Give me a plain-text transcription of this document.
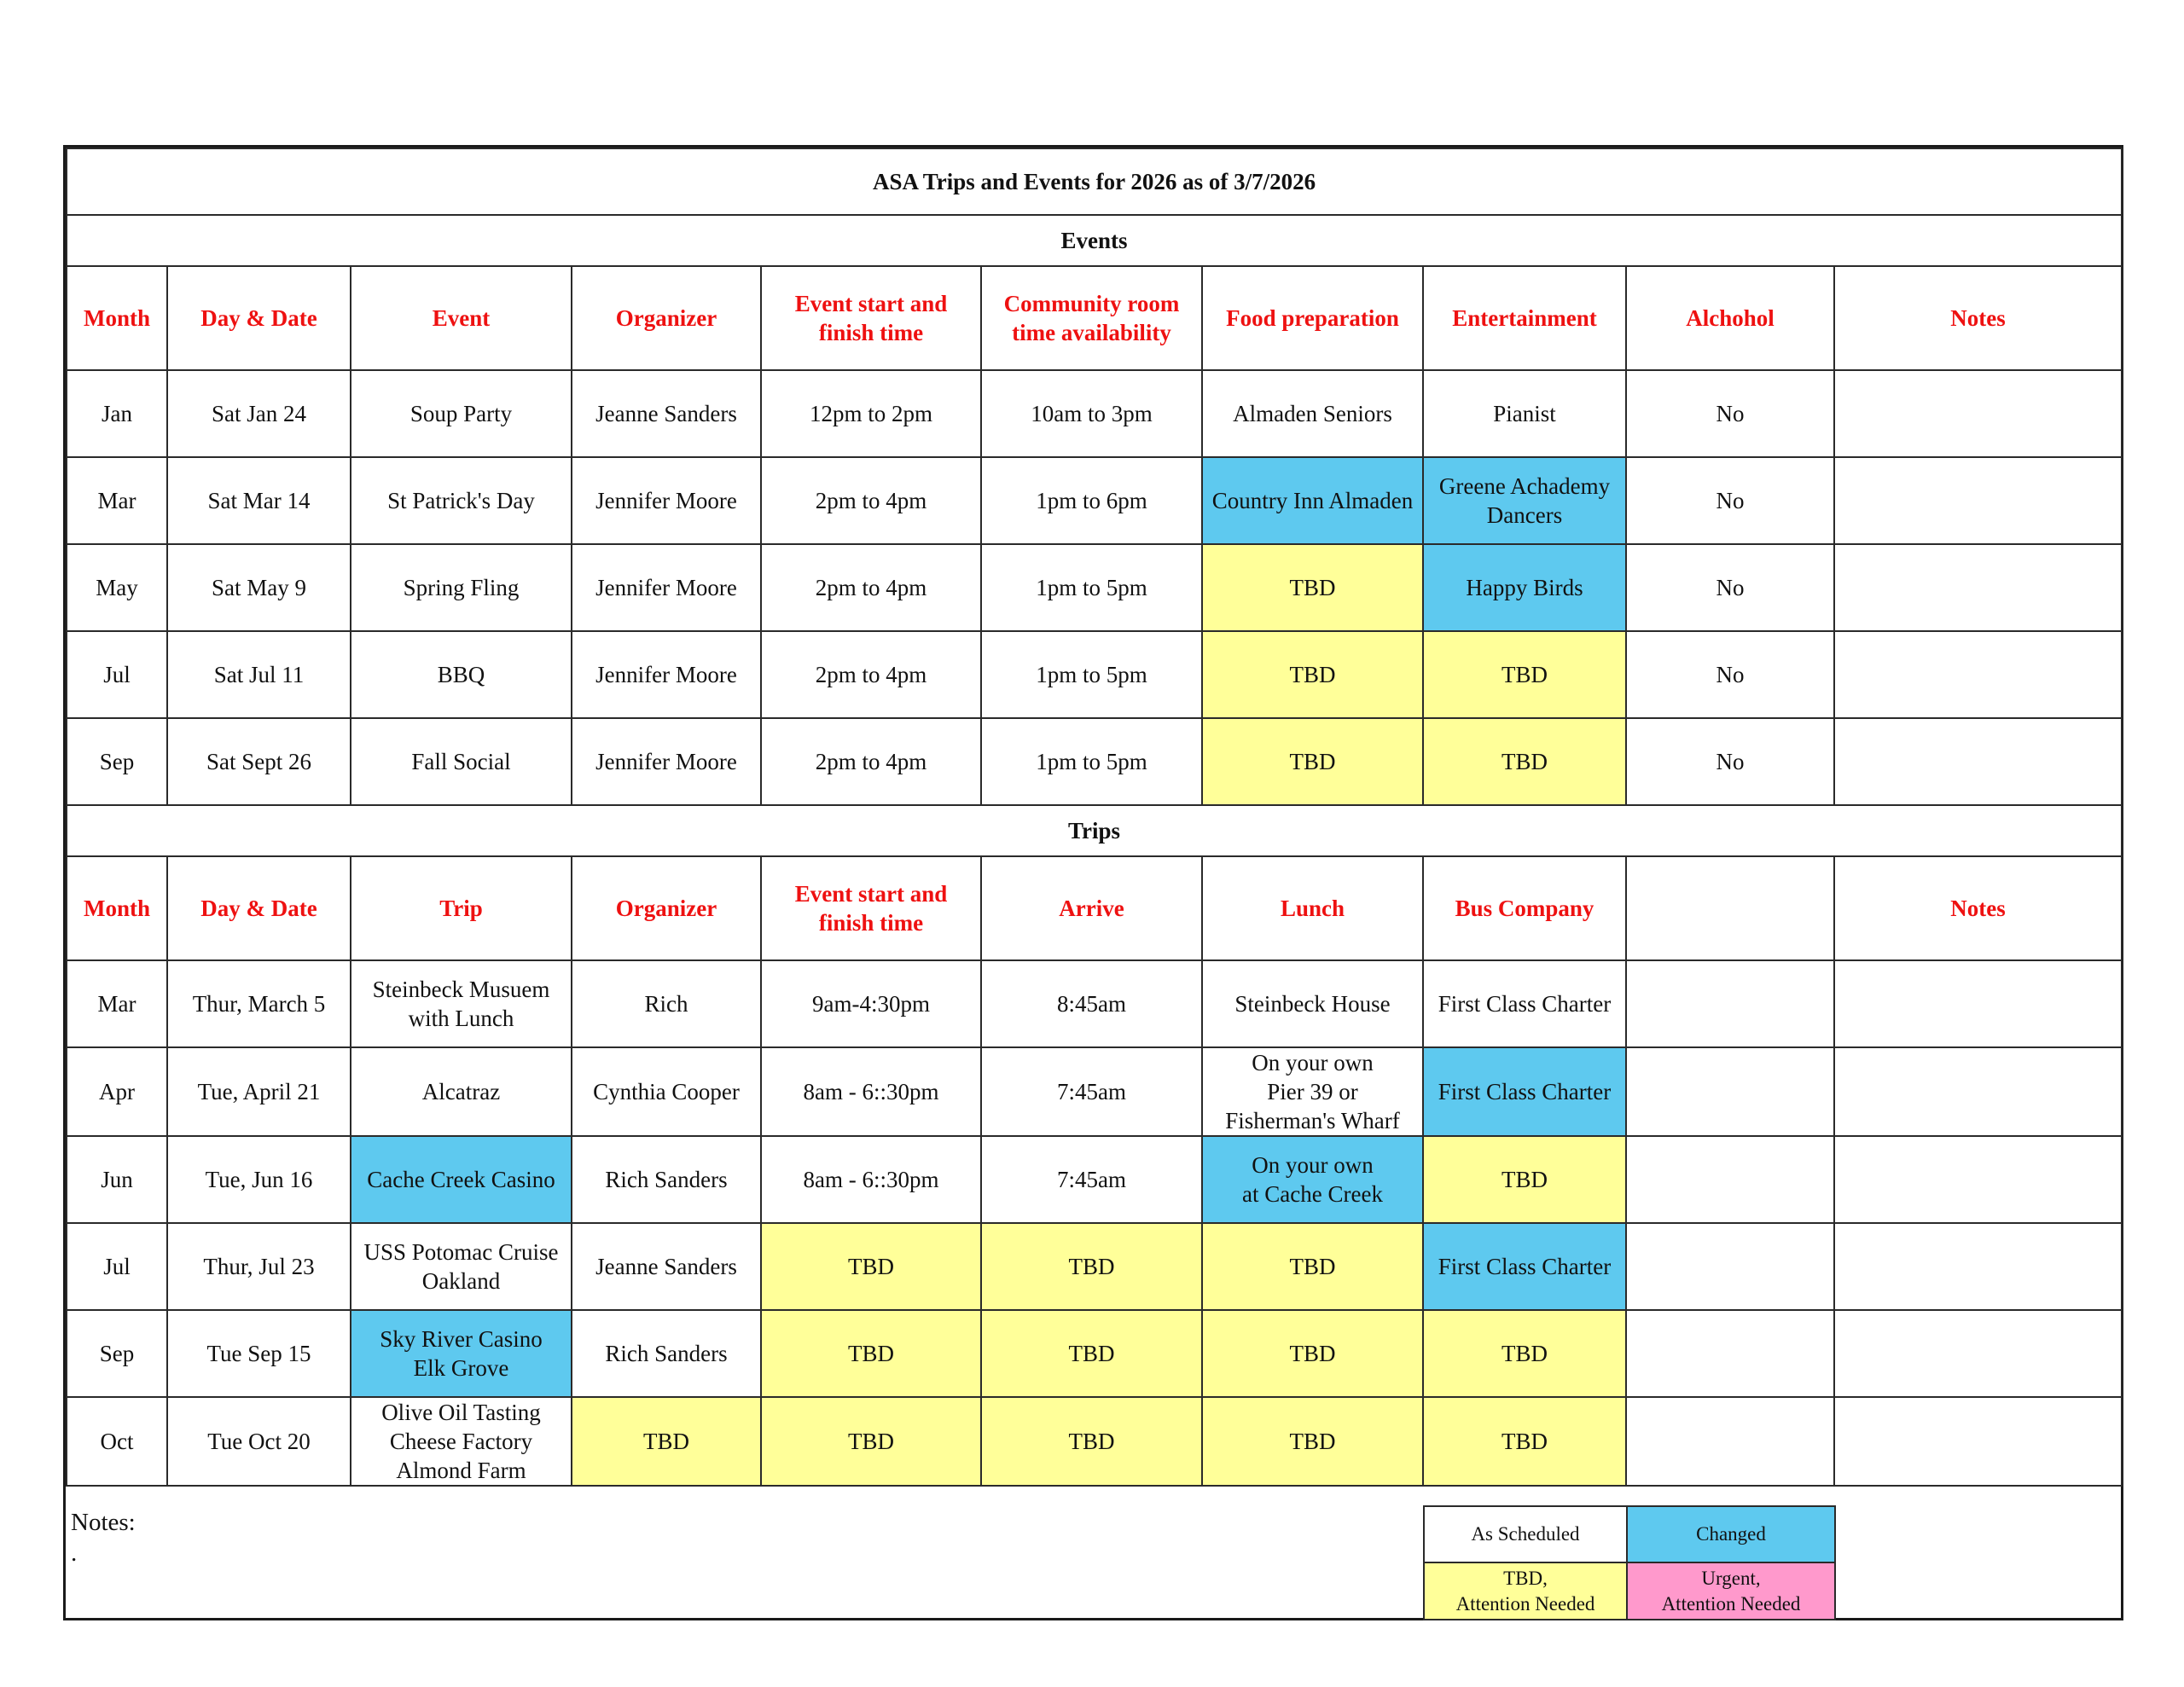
ASA Trips and Events for 2026 as of 3/7/2026									
Events									
Month	Day & Date	Event	Organizer	Event start and
finish time	Community room
time availability	Food preparation	Entertainment	Alchohol	Notes
Jan	Sat Jan 24	Soup Party	Jeanne Sanders	12pm to 2pm	10am to 3pm	Almaden Seniors	Pianist	No	
Mar	Sat Mar 14	St Patrick's Day	Jennifer Moore	2pm to 4pm	1pm to 6pm	Country Inn Almaden	Greene Achademy
Dancers	No	
May	Sat May 9	Spring Fling	Jennifer Moore	2pm to 4pm	1pm to 5pm	TBD	Happy Birds	No	
Jul	Sat Jul 11	BBQ	Jennifer Moore	2pm to 4pm	1pm to 5pm	TBD	TBD	No	
Sep	Sat Sept 26	Fall Social	Jennifer Moore	2pm to 4pm	1pm to 5pm	TBD	TBD	No	
Trips									
Month	Day & Date	Trip	Organizer	Event start and
finish time	Arrive	Lunch	Bus Company		Notes
Mar	Thur, March 5	Steinbeck Musuem
with Lunch	Rich	9am-4:30pm	8:45am	Steinbeck House	First Class Charter		
Apr	Tue, April 21	Alcatraz	Cynthia Cooper	8am - 6::30pm	7:45am	On your own
Pier 39 or
Fisherman's Wharf	First Class Charter		
Jun	Tue, Jun 16	Cache Creek Casino	Rich Sanders	8am - 6::30pm	7:45am	On your own
at Cache Creek	TBD		
Jul	Thur, Jul 23	USS Potomac Cruise
Oakland	Jeanne Sanders	TBD	TBD	TBD	First Class Charter		
Sep	Tue Sep 15	Sky River Casino
Elk Grove	Rich Sanders	TBD	TBD	TBD	TBD		
Oct	Tue Oct 20	Olive Oil Tasting
Cheese Factory
Almond Farm	TBD	TBD	TBD	TBD	TBD		
Notes:
.
As Scheduled	Changed
TBD,
Attention Needed
Urgent,
Attention Needed
